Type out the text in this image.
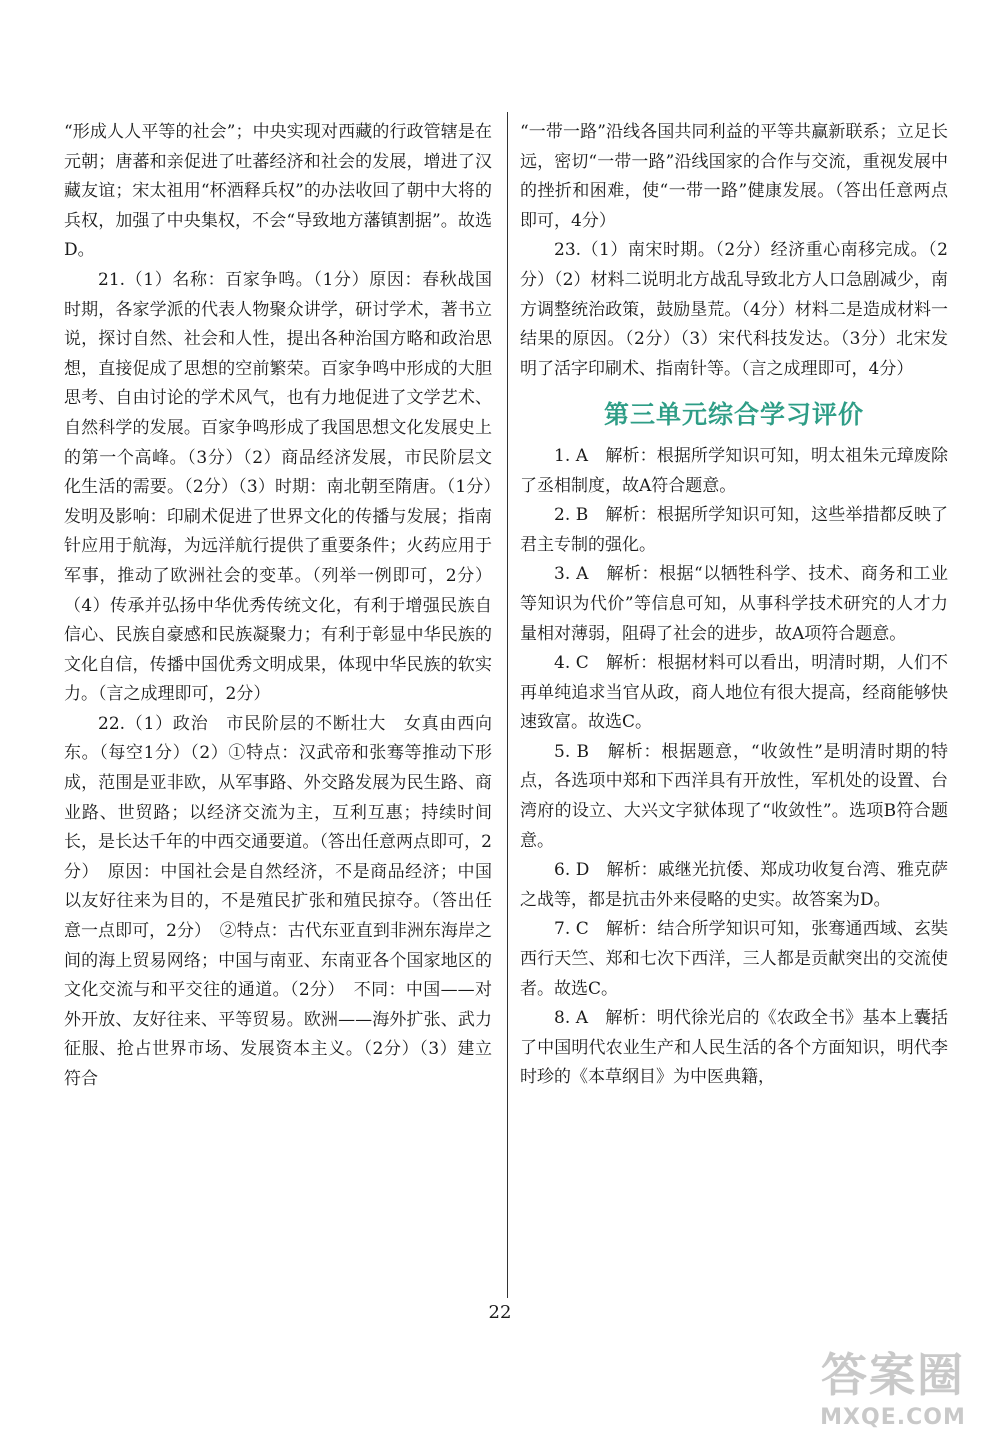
“形成人人平等的社会”；中央实现对西藏的行政管辖是在元朝；唐蕃和亲促进了吐蕃经济和社会的发展，增进了汉藏友谊；宋太祖用“杯酒释兵权”的办法收回了朝中大将的兵权，加强了中央集权，不会“导致地方藩镇割据”。故选D。

21.（1）名称：百家争鸣。（1分）原因：春秋战国时期，各家学派的代表人物聚众讲学，研讨学术，著书立说，探讨自然、社会和人性，提出各种治国方略和政治思想，直接促成了思想的空前繁荣。百家争鸣中形成的大胆思考、自由讨论的学术风气，也有力地促进了文学艺术、自然科学的发展。百家争鸣形成了我国思想文化发展史上的第一个高峰。（3分）（2）商品经济发展，市民阶层文化生活的需要。（2分）（3）时期：南北朝至隋唐。（1分）发明及影响：印刷术促进了世界文化的传播与发展；指南针应用于航海，为远洋航行提供了重要条件；火药应用于军事，推动了欧洲社会的变革。（列举一例即可，2分）（4）传承并弘扬中华优秀传统文化，有利于增强民族自信心、民族自豪感和民族凝聚力；有利于彰显中华民族的文化自信，传播中国优秀文明成果，体现中华民族的软实力。（言之成理即可，2分）

22.（1）政治　市民阶层的不断壮大　女真由西向东。（每空1分）（2）①特点：汉武帝和张骞等推动下形成，范围是亚非欧，从军事路、外交路发展为民生路、商业路、世贸路；以经济交流为主，互利互惠；持续时间长，是长达千年的中西交通要道。（答出任意两点即可，2分）　原因：中国社会是自然经济，不是商品经济；中国以友好往来为目的，不是殖民扩张和殖民掠夺。（答出任意一点即可，2分）　②特点：古代东亚直到非洲东海岸之间的海上贸易网络；中国与南亚、东南亚各个国家地区的文化交流与和平交往的通道。（2分）　不同：中国——对外开放、友好往来、平等贸易。欧洲——海外扩张、武力征服、抢占世界市场、发展资本主义。（2分）（3）建立符合

“一带一路”沿线各国共同利益的平等共赢新联系；立足长远，密切“一带一路”沿线国家的合作与交流，重视发展中的挫折和困难，使“一带一路”健康发展。（答出任意两点即可，4分）

23.（1）南宋时期。（2分）经济重心南移完成。（2分）（2）材料二说明北方战乱导致北方人口急剧减少，南方调整统治政策，鼓励垦荒。（4分）材料二是造成材料一结果的原因。（2分）（3）宋代科技发达。（3分）北宋发明了活字印刷术、指南针等。（言之成理即可，4分）

第三单元综合学习评价

1. A　解析：根据所学知识可知，明太祖朱元璋废除了丞相制度，故A符合题意。

2. B　解析：根据所学知识可知，这些举措都反映了君主专制的强化。

3. A　解析：根据“以牺牲科学、技术、商务和工业等知识为代价”等信息可知，从事科学技术研究的人才力量相对薄弱，阻碍了社会的进步，故A项符合题意。

4. C　解析：根据材料可以看出，明清时期，人们不再单纯追求当官从政，商人地位有很大提高，经商能够快速致富。故选C。

5. B　解析：根据题意，“收敛性”是明清时期的特点，各选项中郑和下西洋具有开放性，军机处的设置、台湾府的设立、大兴文字狱体现了“收敛性”。选项B符合题意。

6. D　解析：戚继光抗倭、郑成功收复台湾、雅克萨之战等，都是抗击外来侵略的史实。故答案为D。

7. C　解析：结合所学知识可知，张骞通西域、玄奘西行天竺、郑和七次下西洋，三人都是贡献突出的交流使者。故选C。

8. A　解析：明代徐光启的《农政全书》基本上囊括了中国明代农业生产和人民生活的各个方面知识，明代李时珍的《本草纲目》为中医典籍，

22
答案圈
MXQE.COM
